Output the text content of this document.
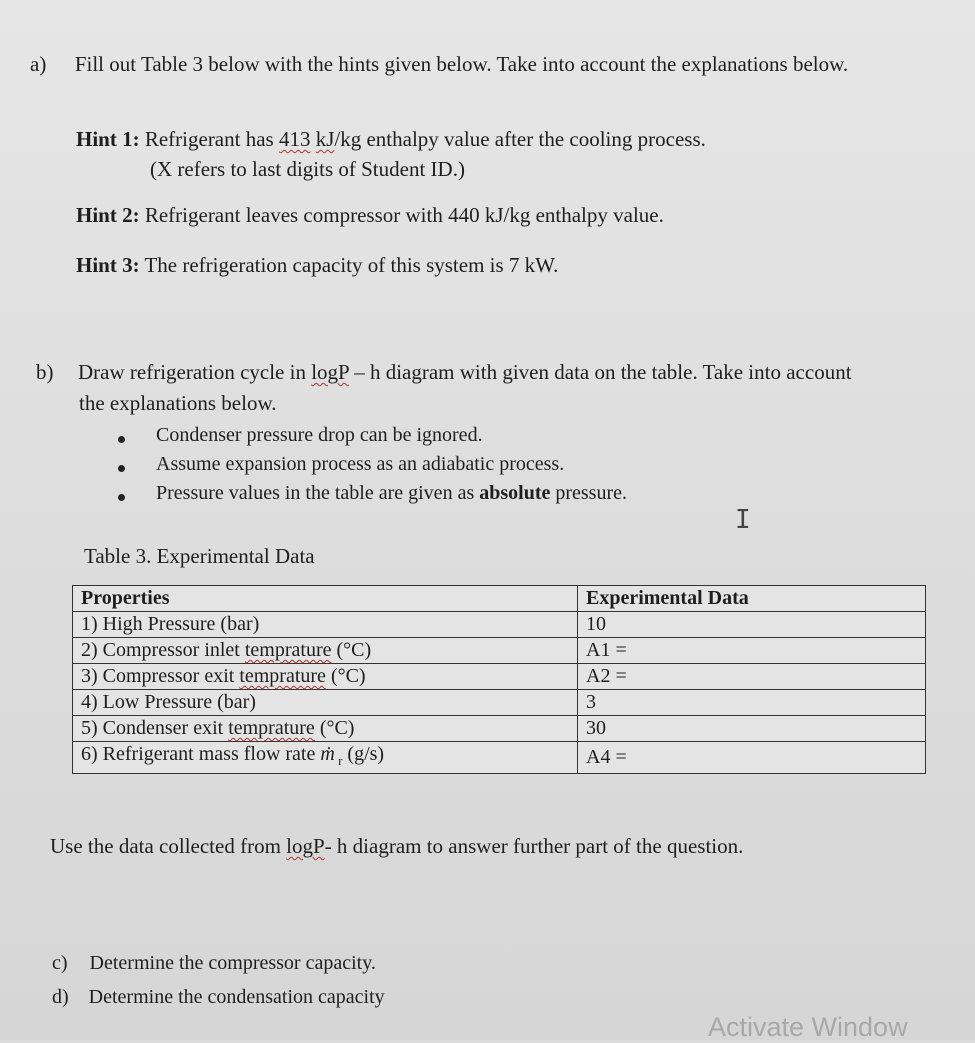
a) Fill out Table 3 below with the hints given below. Take into account the explanations below.
Hint 1: Refrigerant has 413 kJ/kg enthalpy value after the cooling process.
(X refers to last digits of Student ID.)
Hint 2: Refrigerant leaves compressor with 440 kJ/kg enthalpy value.
Hint 3: The refrigeration capacity of this system is 7 kW.
b) Draw refrigeration cycle in logP – h diagram with given data on the table. Take into account
the explanations below.
Condenser pressure drop can be ignored.
Assume expansion process as an adiabatic process.
Pressure values in the table are given as absolute pressure.
I
Table 3. Experimental Data
Properties	Experimental Data
1) High Pressure (bar)	10
2) Compressor inlet temprature (°C)	A1 =
3) Compressor exit temprature (°C)	A2 =
4) Low Pressure (bar)	3
5) Condenser exit temprature (°C)	30
6) Refrigerant mass flow rate ṁ $_r$ (g/s)	A4 =
Use the data collected from logP- h diagram to answer further part of the question.
c) Determine the compressor capacity.
d) Determine the condensation capacity
Activate Window
